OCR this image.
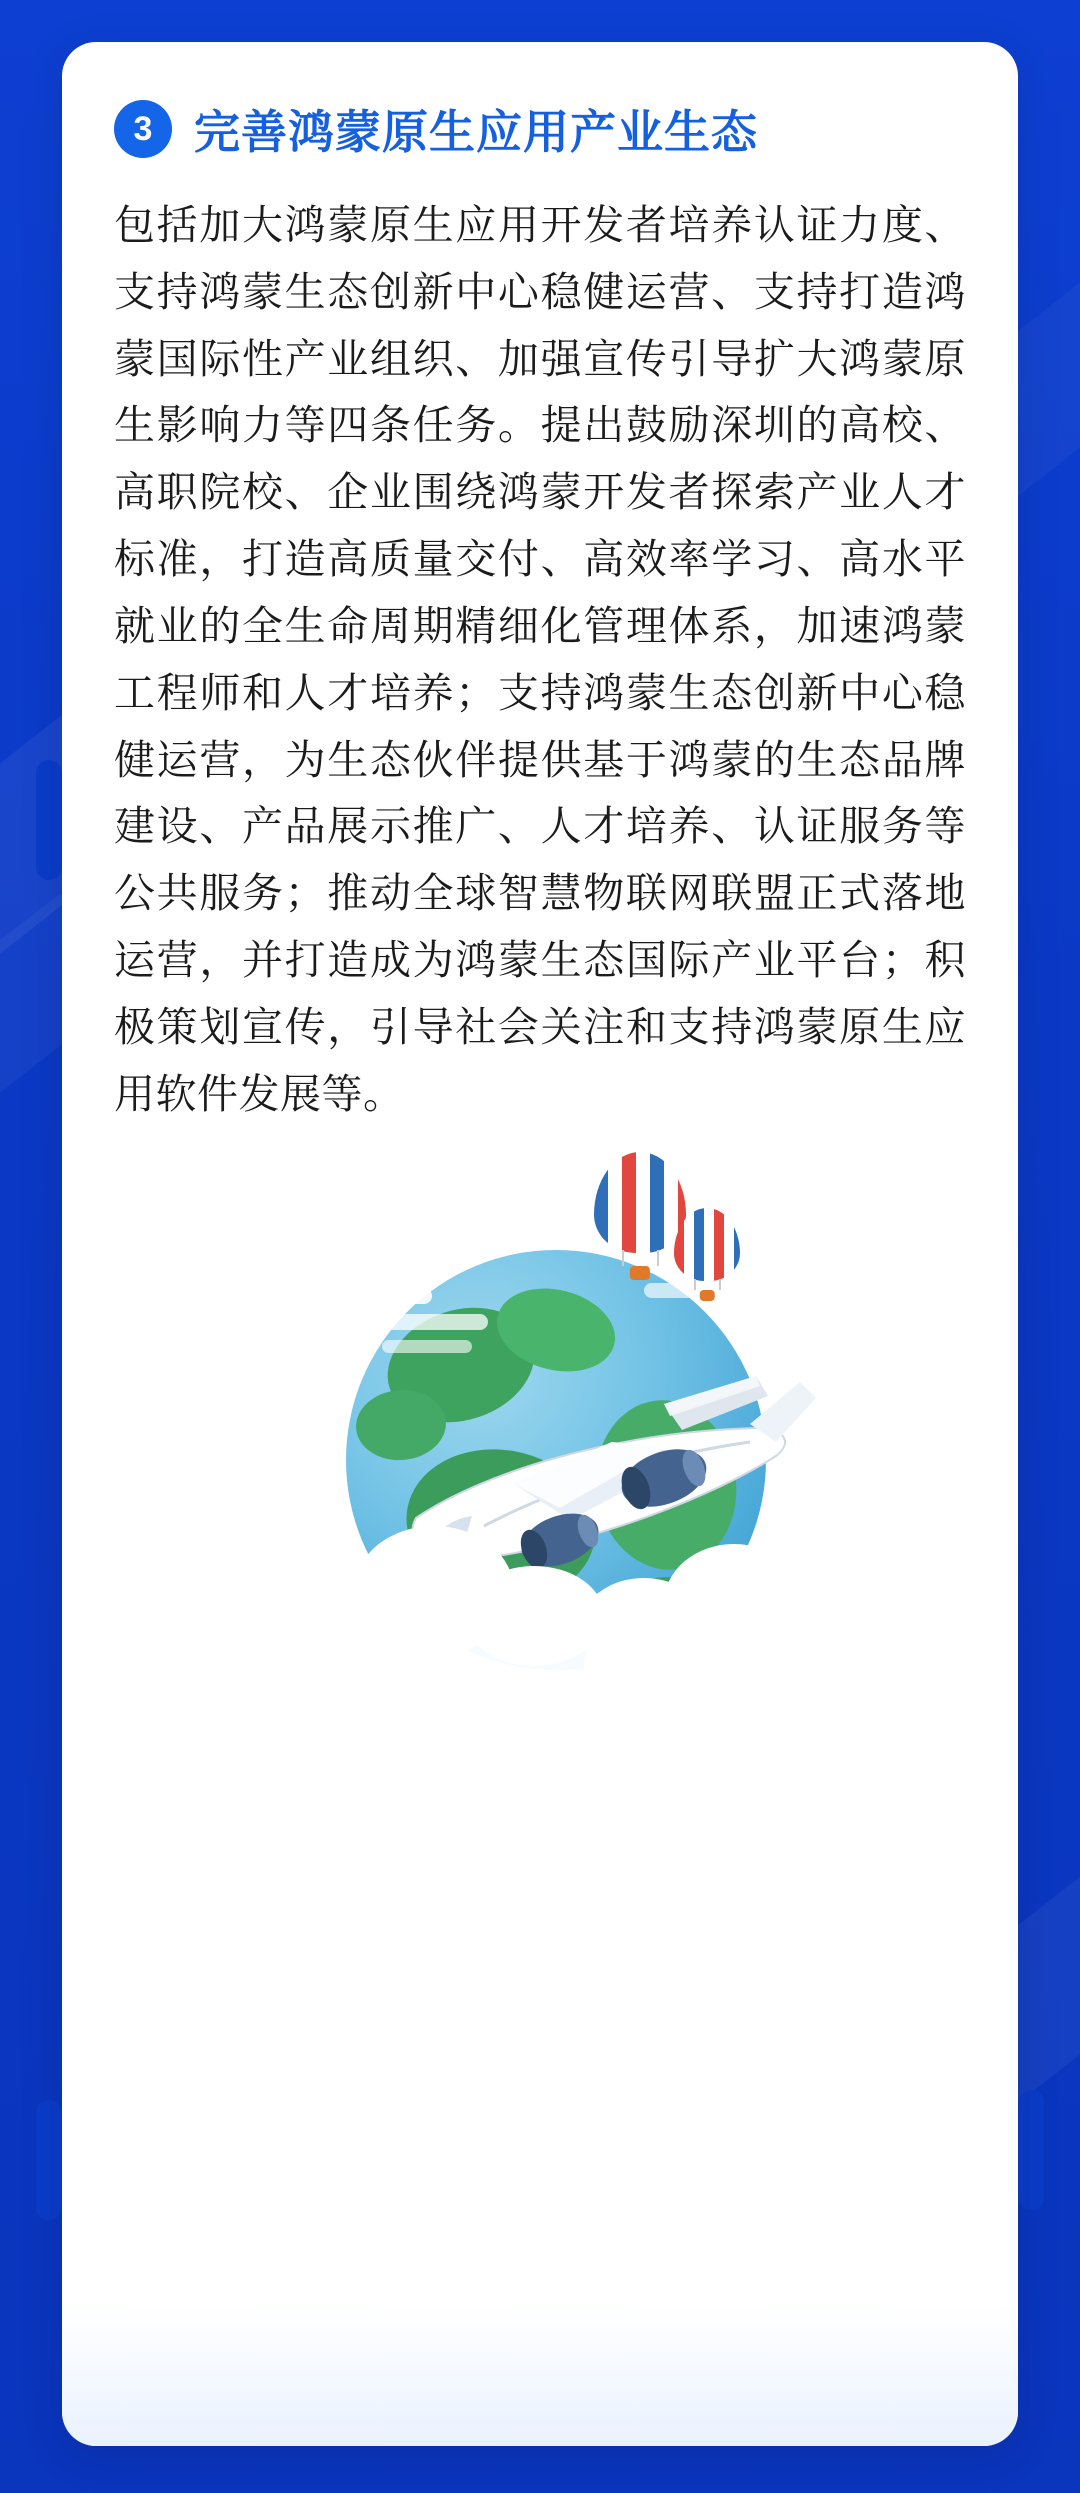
3 完善鸿蒙原生应用产业生态
包括加大鸿蒙原生应用开发者培养认证力度、支持鸿蒙生态创新中心稳健运营、支持打造鸿蒙国际性产业组织、加强宣传引导扩大鸿蒙原生影响力等四条任务。提出鼓励深圳的高校、高职院校、企业围绕鸿蒙开发者探索产业人才标准，打造高质量交付、高效率学习、高水平就业的全生命周期精细化管理体系，加速鸿蒙工程师和人才培养；支持鸿蒙生态创新中心稳健运营，为生态伙伴提供基于鸿蒙的生态品牌建设、产品展示推广、人才培养、认证服务等公共服务；推动全球智慧物联网联盟正式落地运营，并打造成为鸿蒙生态国际产业平台；积极策划宣传，引导社会关注和支持鸿蒙原生应用软件发展等。
